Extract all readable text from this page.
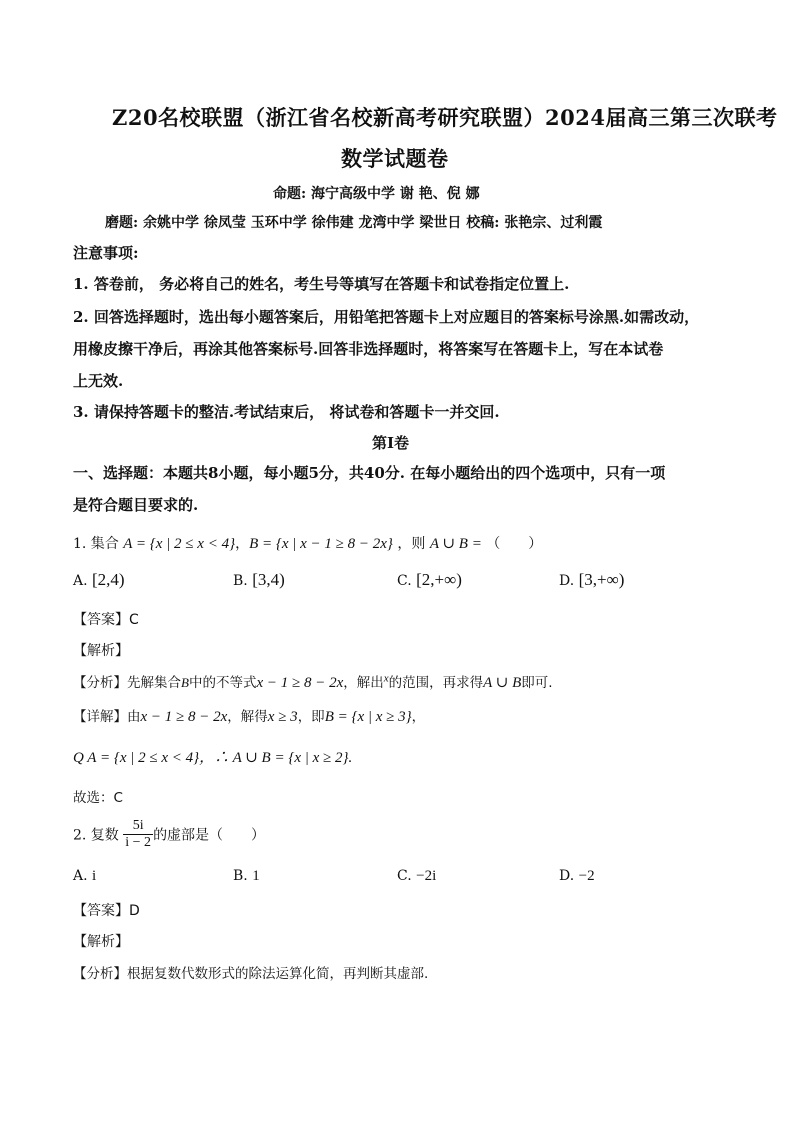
Z20名校联盟（浙江省名校新高考研究联盟）2024届高三第三次联考
数学试题卷
命题: 海宁高级中学 谢 艳、倪 娜
磨题: 余姚中学 徐凤莹 玉环中学 徐伟建 龙湾中学 梁世日 校稿: 张艳宗、过利霞
注意事项:
1. 答卷前， 务必将自己的姓名，考生号等填写在答题卡和试卷指定位置上.
2. 回答选择题时，选出每小题答案后，用铅笔把答题卡上对应题目的答案标号涂黑.如需改动，
用橡皮擦干净后，再涂其他答案标号.回答非选择题时，将答案写在答题卡上，写在本试卷
上无效.
3. 请保持答题卡的整洁.考试结束后， 将试卷和答题卡一并交回.
第Ⅰ卷
一、选择题：本题共8小题，每小题5分，共40分. 在每小题给出的四个选项中，只有一项
是符合题目要求的.
1. 集合 A = {x | 2 ≤ x < 4}，B = {x | x − 1 ≥ 8 − 2x} ，则 A ∪ B = （　　）
A. [2,4)	B. [3,4)	C. [2,+∞)	D. [3,+∞)
【答案】C
【解析】
【分析】先解集合B中的不等式x − 1 ≥ 8 − 2x，解出$^x$的范围，再求得A ∪ B即可.
【详解】由x − 1 ≥ 8 − 2x，解得x ≥ 3，即B = {x | x ≥ 3}，
Q A = {x | 2 ≤ x < 4}，∴ A ∪ B = {x | x ≥ 2}.
故选：C
2. 复数 $\frac{5i}{i - 2}$ 的虚部是（　　）
A. i	B. 1	C. −2i	D. −2
【答案】D
【解析】
【分析】根据复数代数形式的除法运算化简，再判断其虚部.
